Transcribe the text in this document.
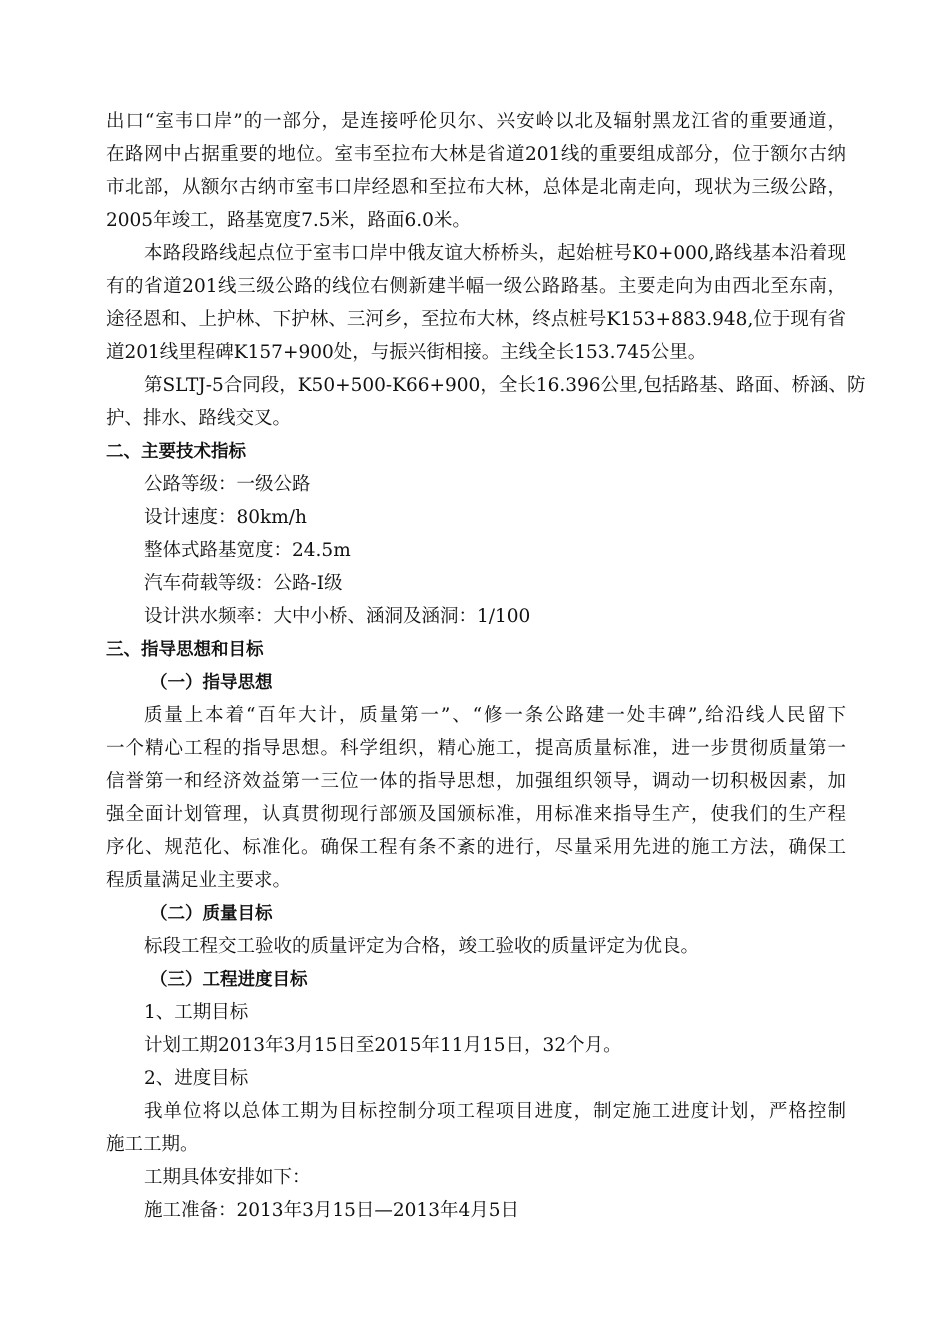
出口“室韦口岸”的一部分，是连接呼伦贝尔、兴安岭以北及辐射黑龙江省的重要通道，
在路网中占据重要的地位。室韦至拉布大林是省道201线的重要组成部分，位于额尔古纳
市北部，从额尔古纳市室韦口岸经恩和至拉布大林，总体是北南走向，现状为三级公路，
2005年竣工，路基宽度7.5米，路面6.0米。
本路段路线起点位于室韦口岸中俄友谊大桥桥头，起始桩号K0+000,路线基本沿着现
有的省道201线三级公路的线位右侧新建半幅一级公路路基。主要走向为由西北至东南，
途径恩和、上护林、下护林、三河乡，至拉布大林，终点桩号K153+883.948,位于现有省
道201线里程碑K157+900处，与振兴街相接。主线全长153.745公里。
第SLTJ-5合同段，K50+500-K66+900，全长16.396公里,包括路基、路面、桥涵、防
护、排水、路线交叉。
二、主要技术指标
公路等级：一级公路
设计速度：80km/h
整体式路基宽度：24.5m
汽车荷载等级：公路-I级
设计洪水频率：大中小桥、涵洞及涵洞：1/100
三、指导思想和目标
（一）指导思想
质量上本着“百年大计，质量第一”、“修一条公路建一处丰碑”,给沿线人民留下
一个精心工程的指导思想。科学组织，精心施工，提高质量标准，进一步贯彻质量第一
信誉第一和经济效益第一三位一体的指导思想，加强组织领导，调动一切积极因素，加
强全面计划管理，认真贯彻现行部颁及国颁标准，用标准来指导生产，使我们的生产程
序化、规范化、标准化。确保工程有条不紊的进行，尽量采用先进的施工方法，确保工
程质量满足业主要求。
（二）质量目标
标段工程交工验收的质量评定为合格，竣工验收的质量评定为优良。
（三）工程进度目标
1、工期目标
计划工期2013年3月15日至2015年11月15日，32个月。
2、进度目标
我单位将以总体工期为目标控制分项工程项目进度，制定施工进度计划，严格控制
施工工期。
工期具体安排如下：
施工准备：2013年3月15日—2013年4月5日
